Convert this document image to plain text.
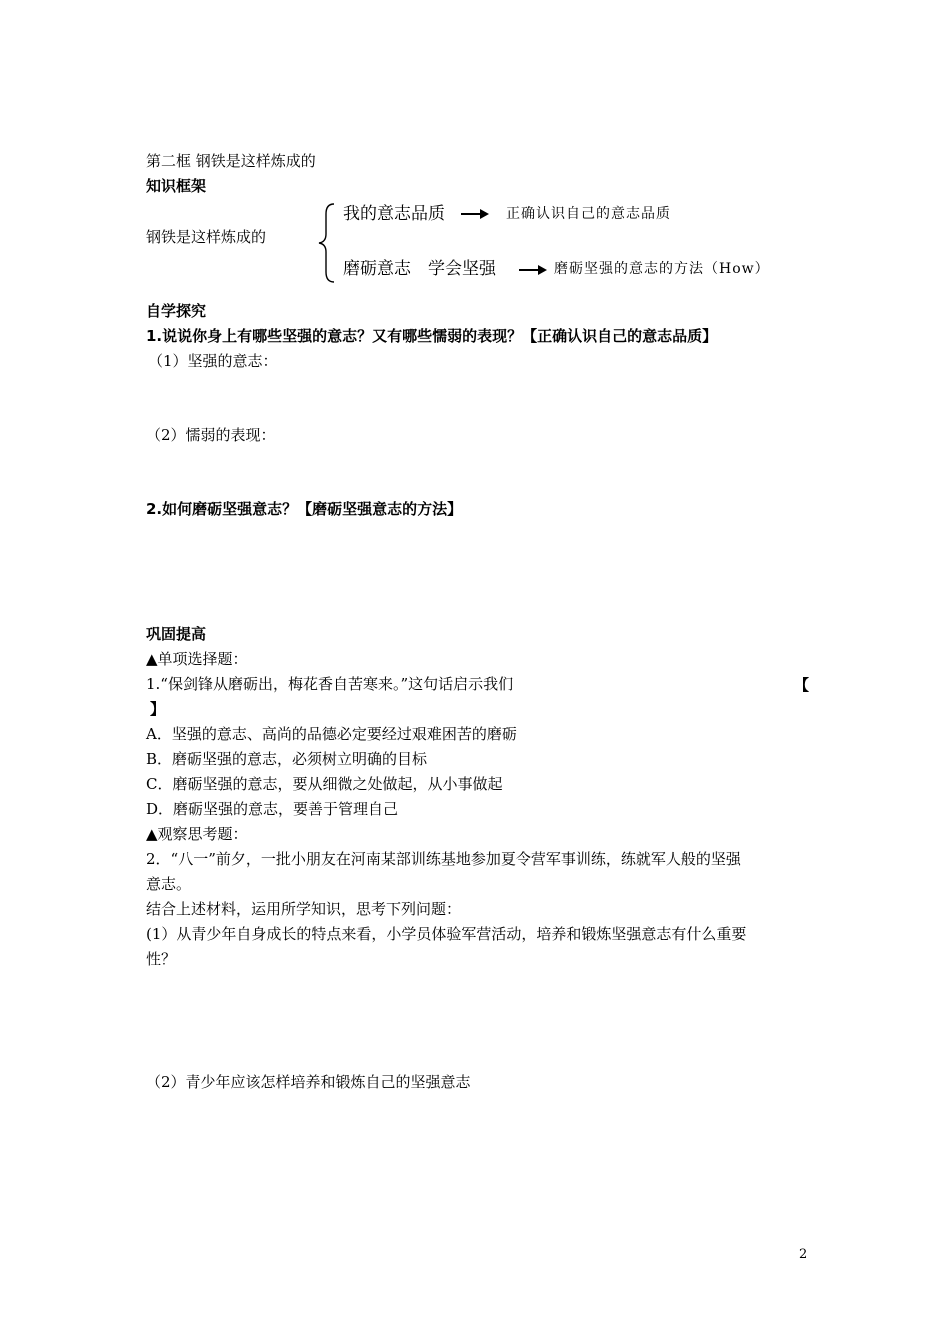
第二框 钢铁是这样炼成的
知识框架
钢铁是这样炼成的
我的意志品质	正确认识自己的意志品质
磨砺意志　学会坚强	磨砺坚强的意志的方法（How）
自学探究
1.说说你身上有哪些坚强的意志？又有哪些懦弱的表现？【正确认识自己的意志品质】
（1）坚强的意志：
（2）懦弱的表现：
2.如何磨砺坚强意志？【磨砺坚强意志的方法】
巩固提高
▲单项选择题：
1.“保剑锋从磨砺出，梅花香自苦寒来。”这句话启示我们	【
】
A．坚强的意志、高尚的品德必定要经过艰难困苦的磨砺
B．磨砺坚强的意志，必须树立明确的目标
C．磨砺坚强的意志，要从细微之处做起，从小事做起
D．磨砺坚强的意志，要善于管理自己
▲观察思考题：
2．“八一”前夕，一批小朋友在河南某部训练基地参加夏令营军事训练，练就军人般的坚强
意志。
结合上述材料，运用所学知识，思考下列问题：
(1）从青少年自身成长的特点来看，小学员体验军营活动，培养和锻炼坚强意志有什么重要
性？
（2）青少年应该怎样培养和锻炼自己的坚强意志
2
